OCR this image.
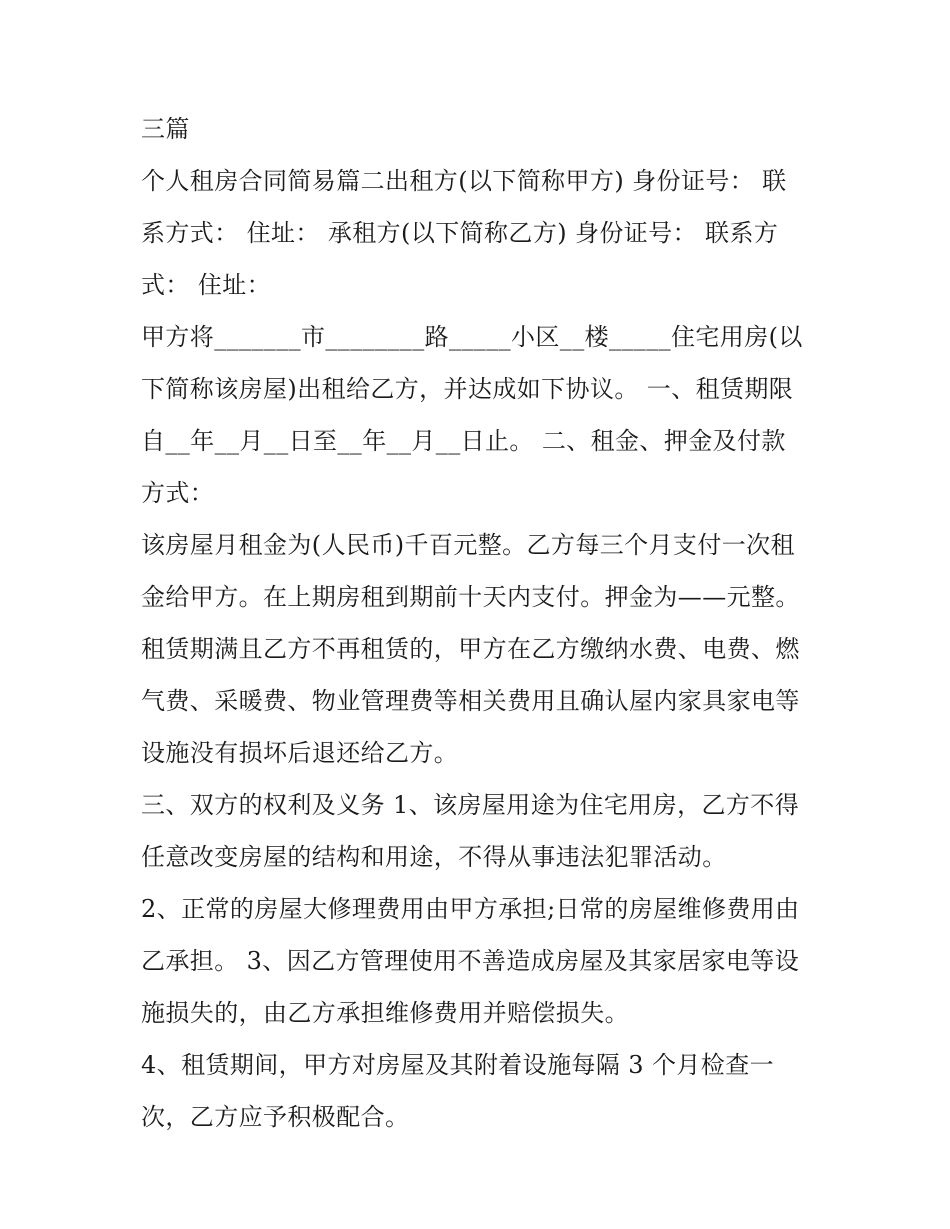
三篇
个人租房合同简易篇二出租方(以下简称甲方) 身份证号： 联
系方式： 住址： 承租方(以下简称乙方) 身份证号： 联系方
式： 住址：
甲方将_______市________路_____小区__楼_____住宅用房(以
下简称该房屋)出租给乙方，并达成如下协议。 一、租赁期限
自__年__月__日至__年__月__日止。 二、租金、押金及付款
方式：
该房屋月租金为(人民币)千百元整。乙方每三个月支付一次租
金给甲方。在上期房租到期前十天内支付。押金为——元整。
租赁期满且乙方不再租赁的，甲方在乙方缴纳水费、电费、燃
气费、采暖费、物业管理费等相关费用且确认屋内家具家电等
设施没有损坏后退还给乙方。
三、双方的权利及义务 1、该房屋用途为住宅用房，乙方不得
任意改变房屋的结构和用途，不得从事违法犯罪活动。
2、正常的房屋大修理费用由甲方承担;日常的房屋维修费用由
乙承担。 3、因乙方管理使用不善造成房屋及其家居家电等设
施损失的，由乙方承担维修费用并赔偿损失。
4、租赁期间，甲方对房屋及其附着设施每隔 3 个月检查一
次，乙方应予积极配合。
